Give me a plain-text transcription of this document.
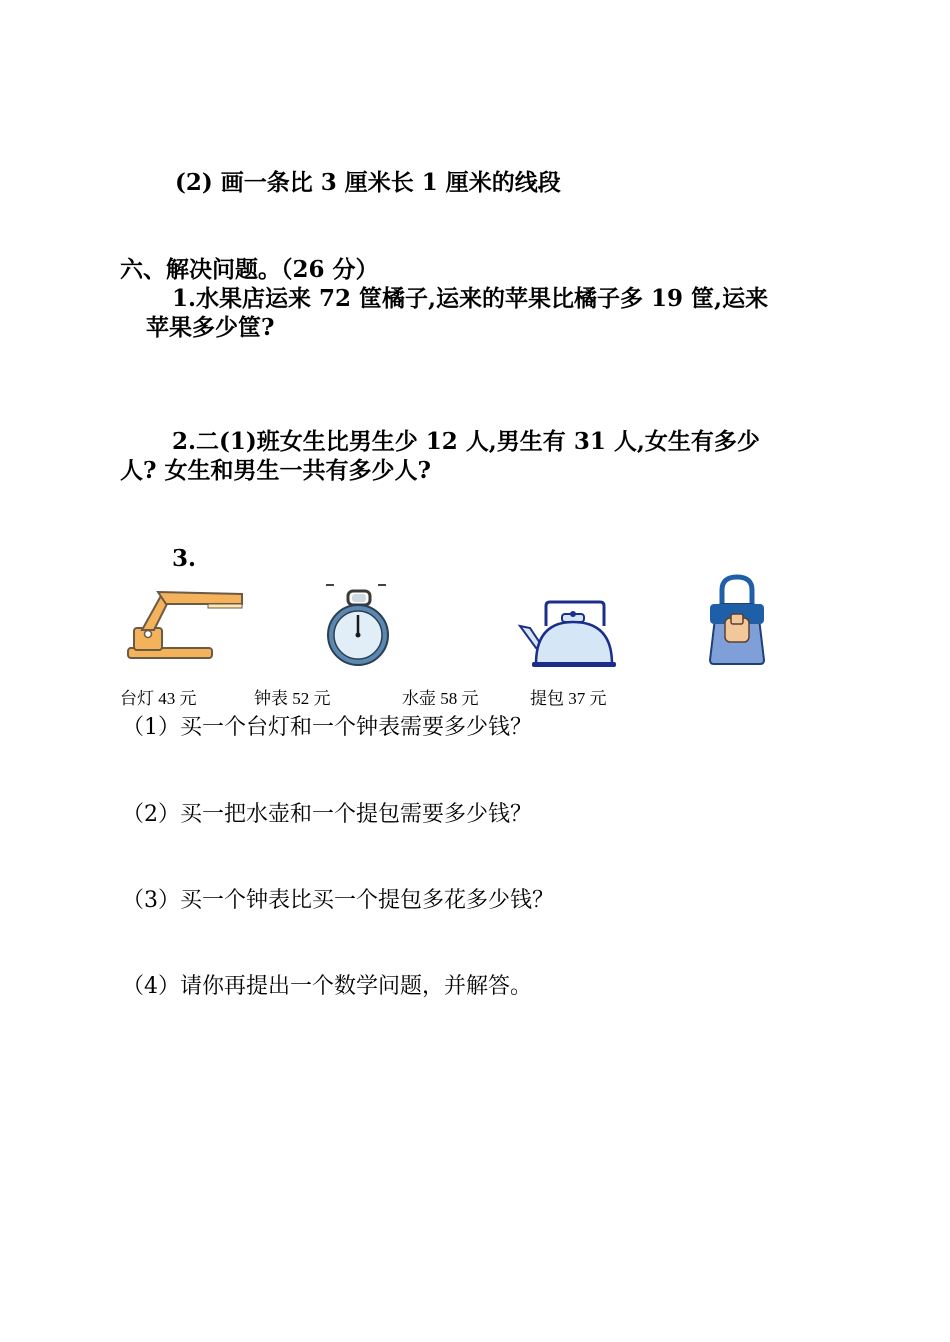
(2) 画一条比 3 厘米长 1 厘米的线段
六、解决问题。（26 分）
1.水果店运来 72 筐橘子,运来的苹果比橘子多 19 筐,运来
苹果多少筐?
2.二(1)班女生比男生少 12 人,男生有 31 人,女生有多少
人? 女生和男生一共有多少人?
3.
台灯 43 元	钟表 52 元	水壶 58 元	提包 37 元
（1）买一个台灯和一个钟表需要多少钱？
（2）买一把水壶和一个提包需要多少钱？
（3）买一个钟表比买一个提包多花多少钱？
（4）请你再提出一个数学问题，并解答。
